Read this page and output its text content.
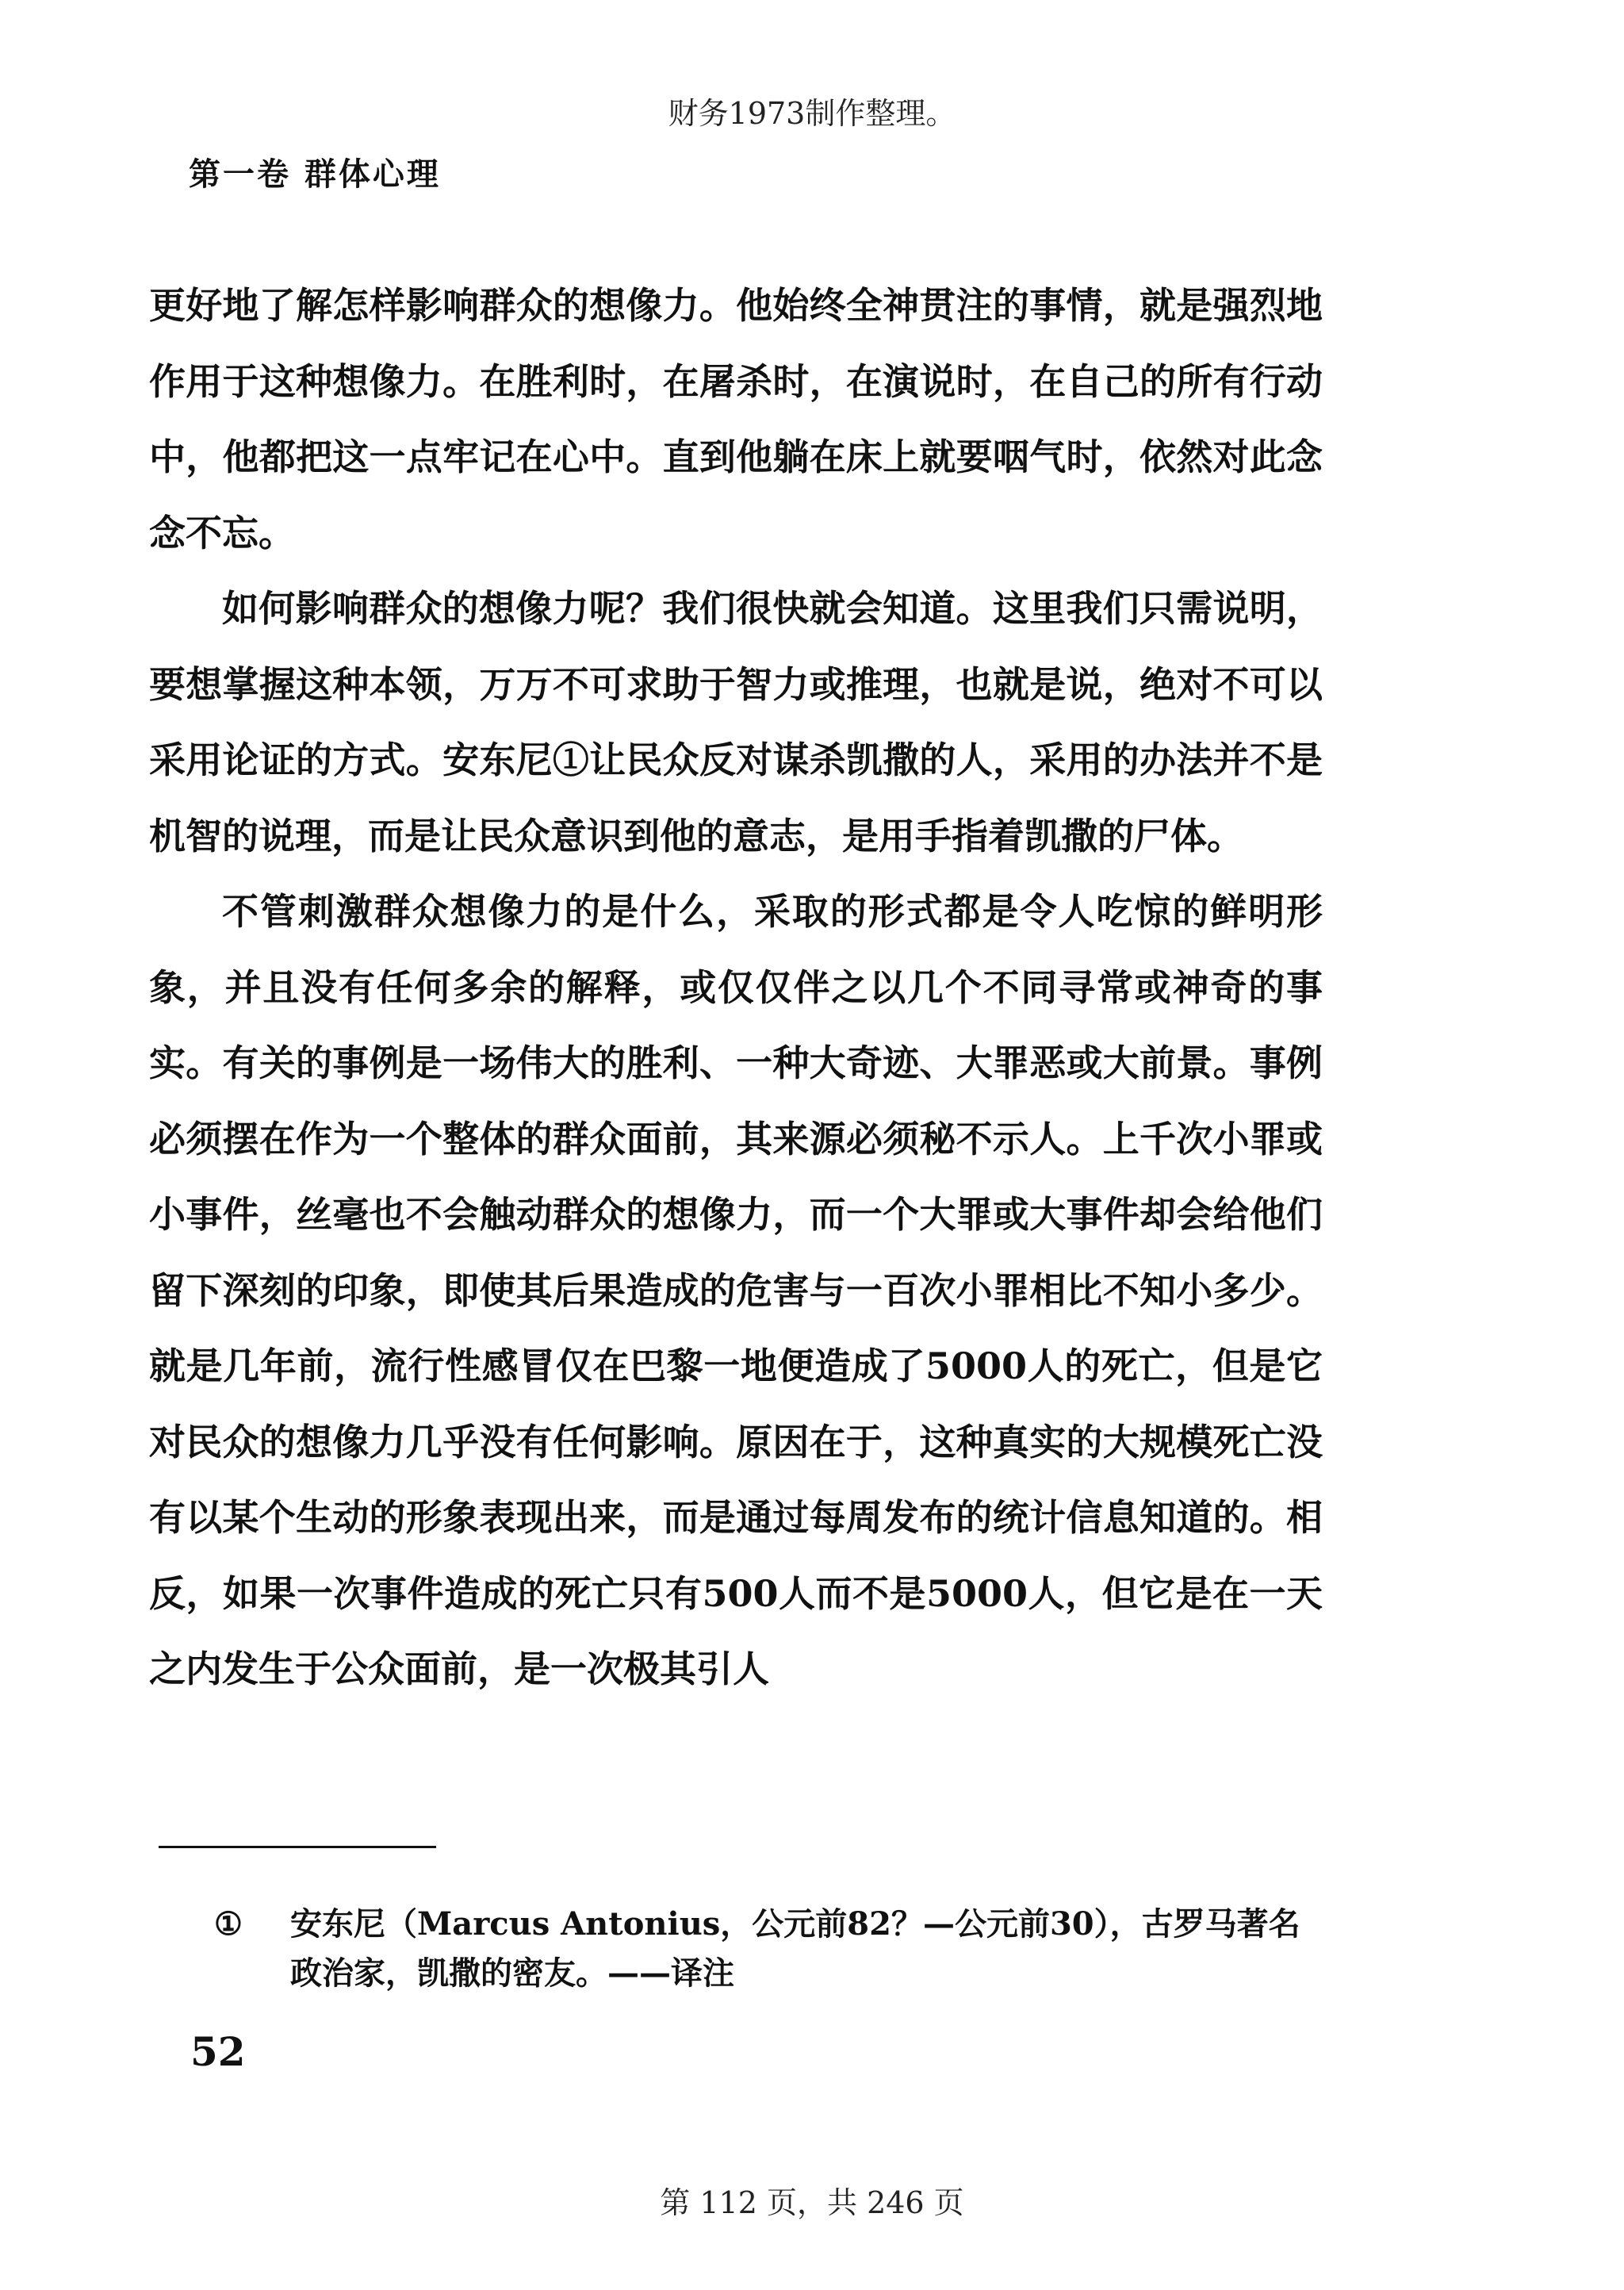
财务1973制作整理。
第一卷 群体心理

更好地了解怎样影响群众的想像力。他始终全神贯注的事情，就是强烈地作用于这种想像力。在胜利时，在屠杀时，在演说时，在自己的所有行动中，他都把这一点牢记在心中。直到他躺在床上就要咽气时，依然对此念念不忘。

如何影响群众的想像力呢？我们很快就会知道。这里我们只需说明，要想掌握这种本领，万万不可求助于智力或推理，也就是说，绝对不可以采用论证的方式。安东尼①让民众反对谋杀凯撒的人，采用的办法并不是机智的说理，而是让民众意识到他的意志，是用手指着凯撒的尸体。

不管刺激群众想像力的是什么，采取的形式都是令人吃惊的鲜明形象，并且没有任何多余的解释，或仅仅伴之以几个不同寻常或神奇的事实。有关的事例是一场伟大的胜利、一种大奇迹、大罪恶或大前景。事例必须摆在作为一个整体的群众面前，其来源必须秘不示人。上千次小罪或小事件，丝毫也不会触动群众的想像力，而一个大罪或大事件却会给他们留下深刻的印象，即使其后果造成的危害与一百次小罪相比不知小多少。就是几年前，流行性感冒仅在巴黎一地便造成了5000人的死亡，但是它对民众的想像力几乎没有任何影响。原因在于，这种真实的大规模死亡没有以某个生动的形象表现出来，而是通过每周发布的统计信息知道的。相反，如果一次事件造成的死亡只有500人而不是5000人，但它是在一天之内发生于公众面前，是一次极其引人

①	安东尼（Marcus Antonius，公元前82？—公元前30），古罗马著名政治家，凯撒的密友。——译注
52
第 112 页，共 246 页
